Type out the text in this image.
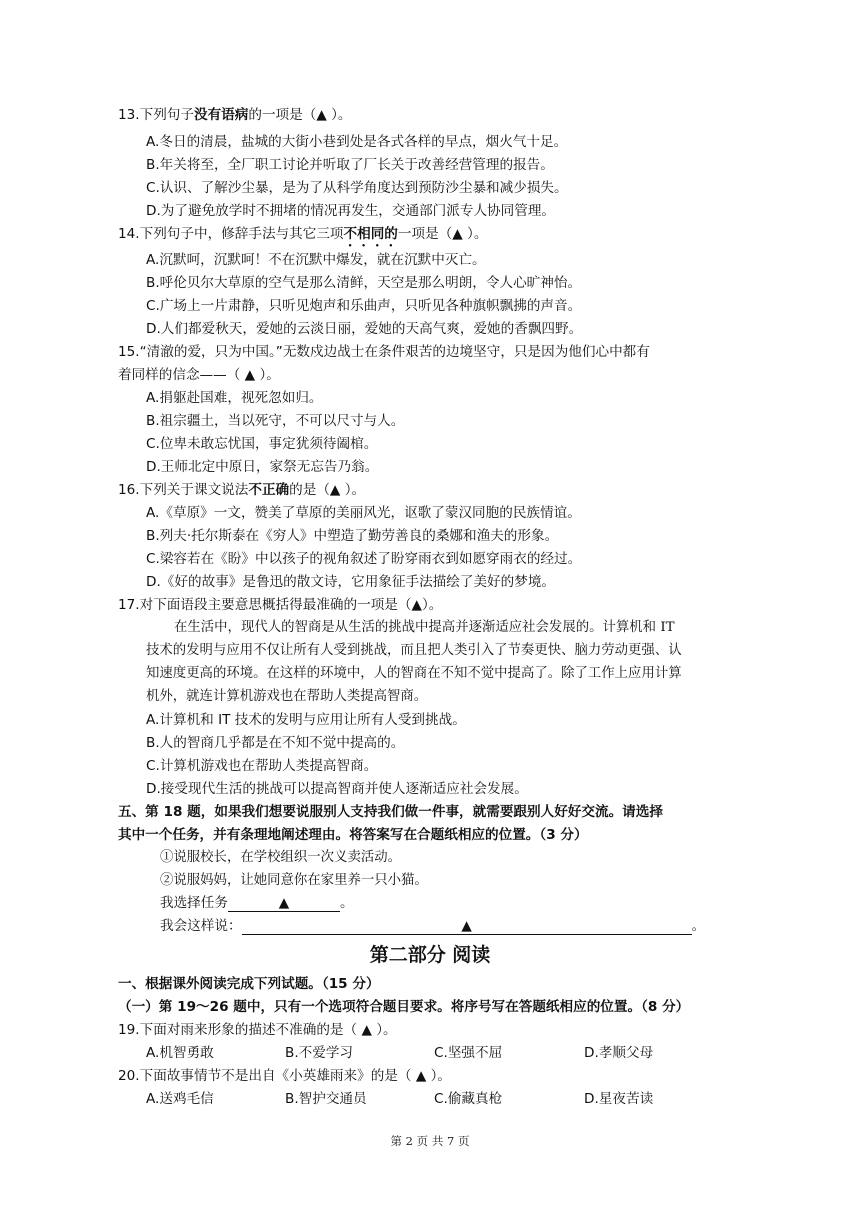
13.下列句子没有语病的一项是（▲ ）。
A.冬日的清晨，盐城的大街小巷到处是各式各样的早点，烟火气十足。
B.年关将至，全厂职工讨论并听取了厂长关于改善经营管理的报告。
C.认识、了解沙尘暴，是为了从科学角度达到预防沙尘暴和减少损失。
D.为了避免放学时不拥堵的情况再发生，交通部门派专人协同管理。
14.下列句子中，修辞手法与其它三项不相同的一项是（▲ ）。
A.沉默呵，沉默呵！不在沉默中爆发，就在沉默中灭亡。
B.呼伦贝尔大草原的空气是那么清鲜，天空是那么明朗，令人心旷神怡。
C.广场上一片肃静，只听见炮声和乐曲声，只听见各种旗帜飘拂的声音。
D.人们都爱秋天，爱她的云淡日丽，爱她的天高气爽，爱她的香飘四野。
15.“清澈的爱，只为中国。”无数戍边战士在条件艰苦的边境坚守，只是因为他们心中都有
着同样的信念——（ ▲ ）。
A.捐躯赴国难，视死忽如归。
B.祖宗疆土，当以死守，不可以尺寸与人。
C.位卑未敢忘忧国，事定犹须待阖棺。
D.王师北定中原日，家祭无忘告乃翁。
16.下列关于课文说法不正确的是（▲ ）。
A.《草原》一文，赞美了草原的美丽风光，讴歌了蒙汉同胞的民族情谊。
B.列夫·托尔斯泰在《穷人》中塑造了勤劳善良的桑娜和渔夫的形象。
C.梁容若在《盼》中以孩子的视角叙述了盼穿雨衣到如愿穿雨衣的经过。
D.《好的故事》是鲁迅的散文诗，它用象征手法描绘了美好的梦境。
17.对下面语段主要意思概括得最准确的一项是（▲）。
在生活中，现代人的智商是从生活的挑战中提高并逐渐适应社会发展的。计算机和 IT
技术的发明与应用不仅让所有人受到挑战，而且把人类引入了节奏更快、脑力劳动更强、认
知速度更高的环境。在这样的环境中，人的智商在不知不觉中提高了。除了工作上应用计算
机外，就连计算机游戏也在帮助人类提高智商。
A.计算机和 IT 技术的发明与应用让所有人受到挑战。
B.人的智商几乎都是在不知不觉中提高的。
C.计算机游戏也在帮助人类提高智商。
D.接受现代生活的挑战可以提高智商并使人逐渐适应社会发展。
五、第 18 题，如果我们想要说服别人支持我们做一件事，就需要跟别人好好交流。请选择
其中一个任务，并有条理地阐述理由。将答案写在合题纸相应的位置。（3 分）
①说服校长，在学校组织一次义卖活动。
②说服妈妈，让她同意你在家里养一只小猫。
我选择任务	▲	。
我会这样说：	▲	。
第二部分 阅读
一、根据课外阅读完成下列试题。（15 分）
（一）第 19～26 题中，只有一个选项符合题目要求。将序号写在答题纸相应的位置。（8 分）
19.下面对雨来形象的描述不准确的是（ ▲ ）。
A.机智勇敢	B.不爱学习	C.坚强不屈	D.孝顺父母
20.下面故事情节不是出自《小英雄雨来》的是（ ▲ ）。
A.送鸡毛信	B.智护交通员	C.偷藏真枪	D.星夜苦读
第 2 页 共 7 页
